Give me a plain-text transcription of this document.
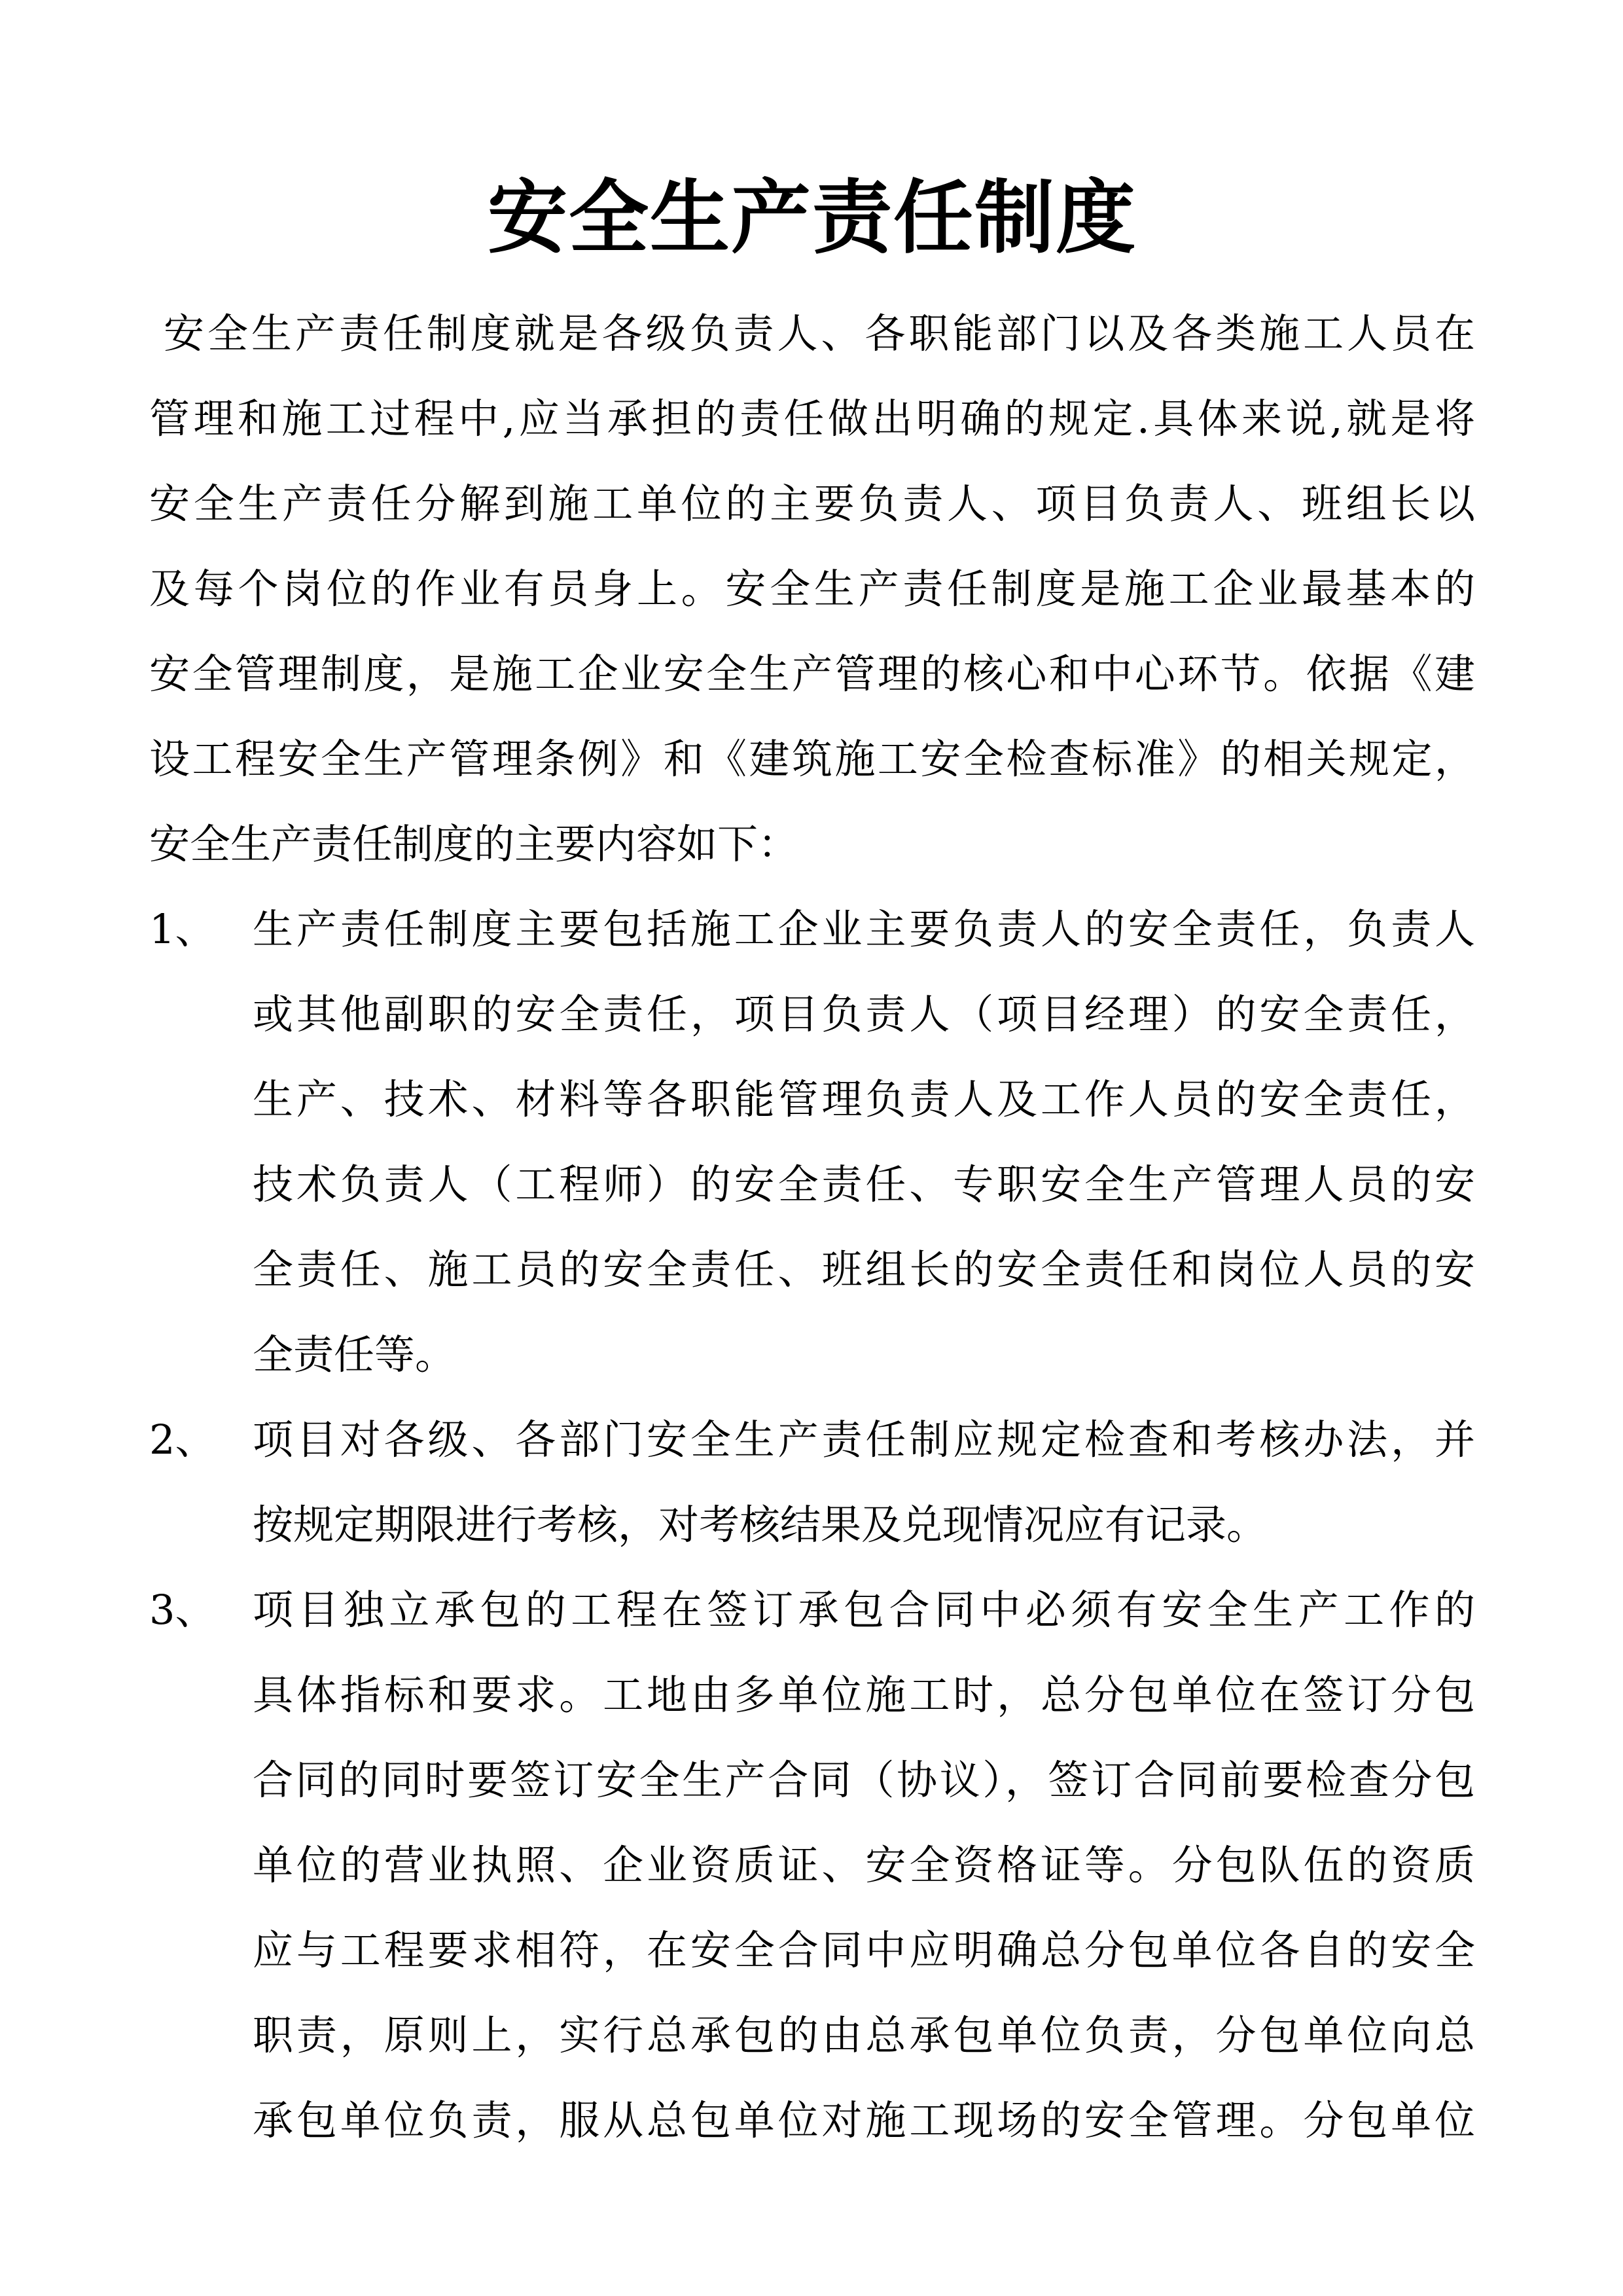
安全生产责任制度
安全生产责任制度就是各级负责人、各职能部门以及各类施工人员在
管理和施工过程中,应当承担的责任做出明确的规定.具体来说,就是将
安全生产责任分解到施工单位的主要负责人、项目负责人、班组长以
及每个岗位的作业有员身上。安全生产责任制度是施工企业最基本的
安全管理制度，是施工企业安全生产管理的核心和中心环节。依据《建
设工程安全生产管理条例》和《建筑施工安全检查标准》的相关规定，
安全生产责任制度的主要内容如下：
1、 生产责任制度主要包括施工企业主要负责人的安全责任，负责人
或其他副职的安全责任，项目负责人（项目经理）的安全责任，
生产、技术、材料等各职能管理负责人及工作人员的安全责任，
技术负责人（工程师）的安全责任、专职安全生产管理人员的安
全责任、施工员的安全责任、班组长的安全责任和岗位人员的安
全责任等。
2、 项目对各级、各部门安全生产责任制应规定检查和考核办法，并
按规定期限进行考核，对考核结果及兑现情况应有记录。
3、 项目独立承包的工程在签订承包合同中必须有安全生产工作的
具体指标和要求。工地由多单位施工时，总分包单位在签订分包
合同的同时要签订安全生产合同（协议），签订合同前要检查分包
单位的营业执照、企业资质证、安全资格证等。分包队伍的资质
应与工程要求相符，在安全合同中应明确总分包单位各自的安全
职责，原则上，实行总承包的由总承包单位负责，分包单位向总
承包单位负责，服从总包单位对施工现场的安全管理。分包单位
